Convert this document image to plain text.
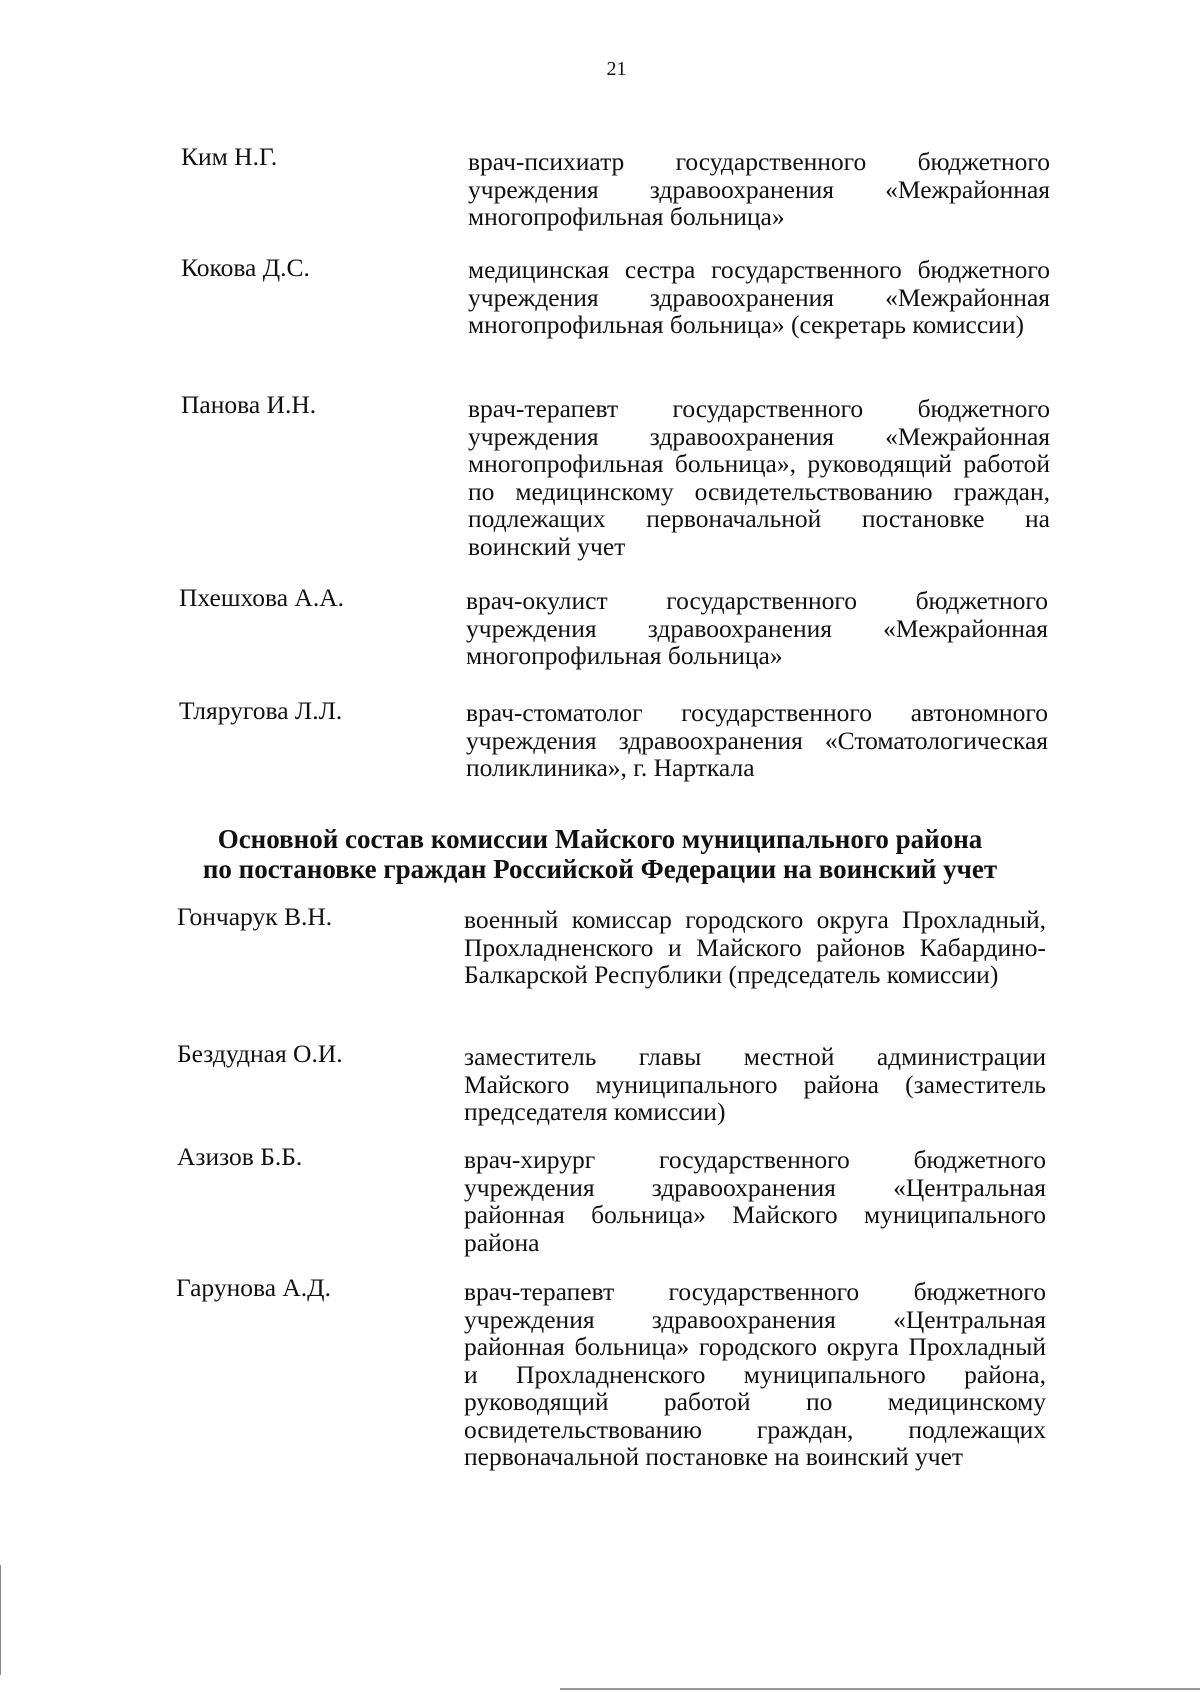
21
Ким Н.Г.	врач-психиатр государственного бюджетного учреждения здравоохранения «Межрайонная многопрофильная больница»
Кокова Д.С.	медицинская сестра государственного бюджетного учреждения здравоохранения «Межрайонная многопрофильная больница» (секретарь комиссии)
Панова И.Н.	врач-терапевт государственного бюджетного учреждения здравоохранения «Межрайонная многопрофильная больница», руководящий работой по медицинскому освидетельствованию граждан, подлежащих первоначальной постановке на воинский учет
Пхешхова А.А.	врач-окулист государственного бюджетного учреждения здравоохранения «Межрайонная многопрофильная больница»
Тляругова Л.Л.	врач-стоматолог государственного автономного учреждения здравоохранения «Стоматологическая поликлиника», г. Нарткала
Основной состав комиссии Майского муниципального района
по постановке граждан Российской Федерации на воинский учет
Гончарук В.Н.	военный комиссар городского округа Прохладный, Прохладненского и Майского районов Кабардино-Балкарской Республики (председатель комиссии)
Бездудная О.И.	заместитель главы местной администрации Майского муниципального района (заместитель председателя комиссии)
Азизов Б.Б.	врач-хирург государственного бюджетного учреждения здравоохранения «Центральная районная больница» Майского муниципального района
Гарунова А.Д.	врач-терапевт государственного бюджетного учреждения здравоохранения «Центральная районная больница» городского округа Прохладный и Прохладненского муниципального района, руководящий работой по медицинскому освидетельствованию граждан, подлежащих первоначальной постановке на воинский учет
